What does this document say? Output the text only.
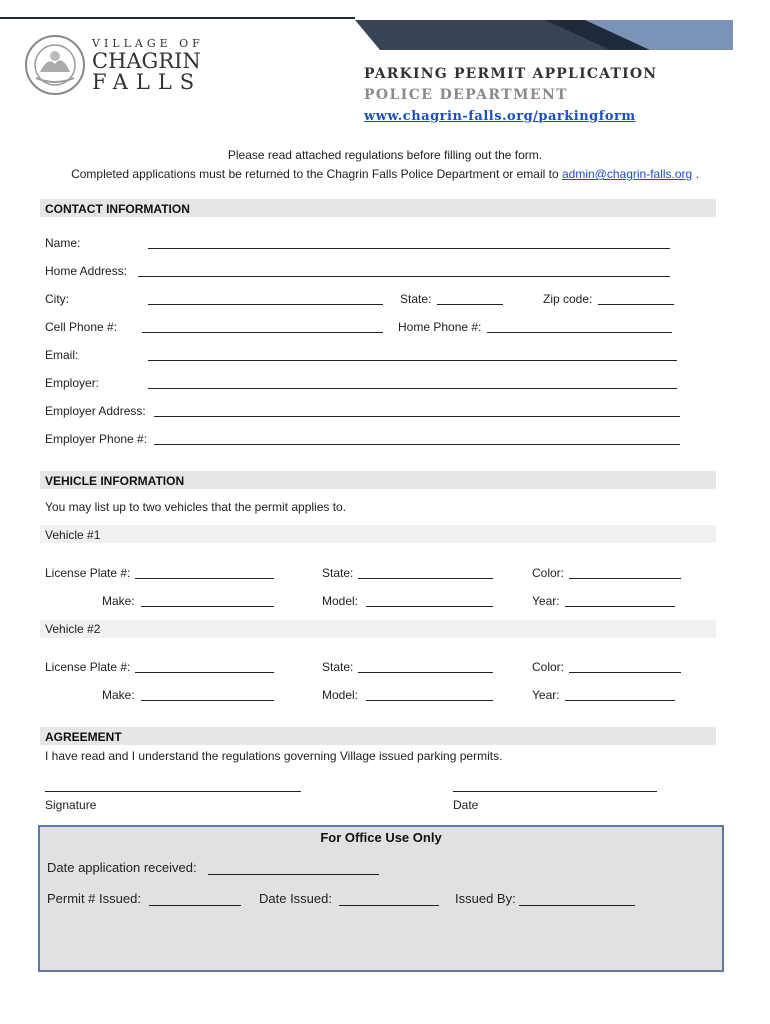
VILLAGE OF
CHAGRIN
FALLS	PARKING PERMIT APPLICATION
POLICE DEPARTMENT
www.chagrin-falls.org/parkingform
Please read attached regulations before filling out the form.
Completed applications must be returned to the Chagrin Falls Police Department or email to admin@chagrin-falls.org .
CONTACT INFORMATION
Name:
Home Address:
City:	State:	Zip code:
Cell Phone #:	Home Phone #:
Email:
Employer:
Employer Address:
Employer Phone #:
VEHICLE INFORMATION
You may list up to two vehicles that the permit applies to.
Vehicle #1
License Plate #:	State:	Color:
Make:	Model:	Year:
Vehicle #2
License Plate #:	State:	Color:
Make:	Model:	Year:
AGREEMENT
I have read and I understand the regulations governing Village issued parking permits.
Signature	Date
For Office Use Only
Date application received:
Permit # Issued:	Date Issued:	Issued By:
